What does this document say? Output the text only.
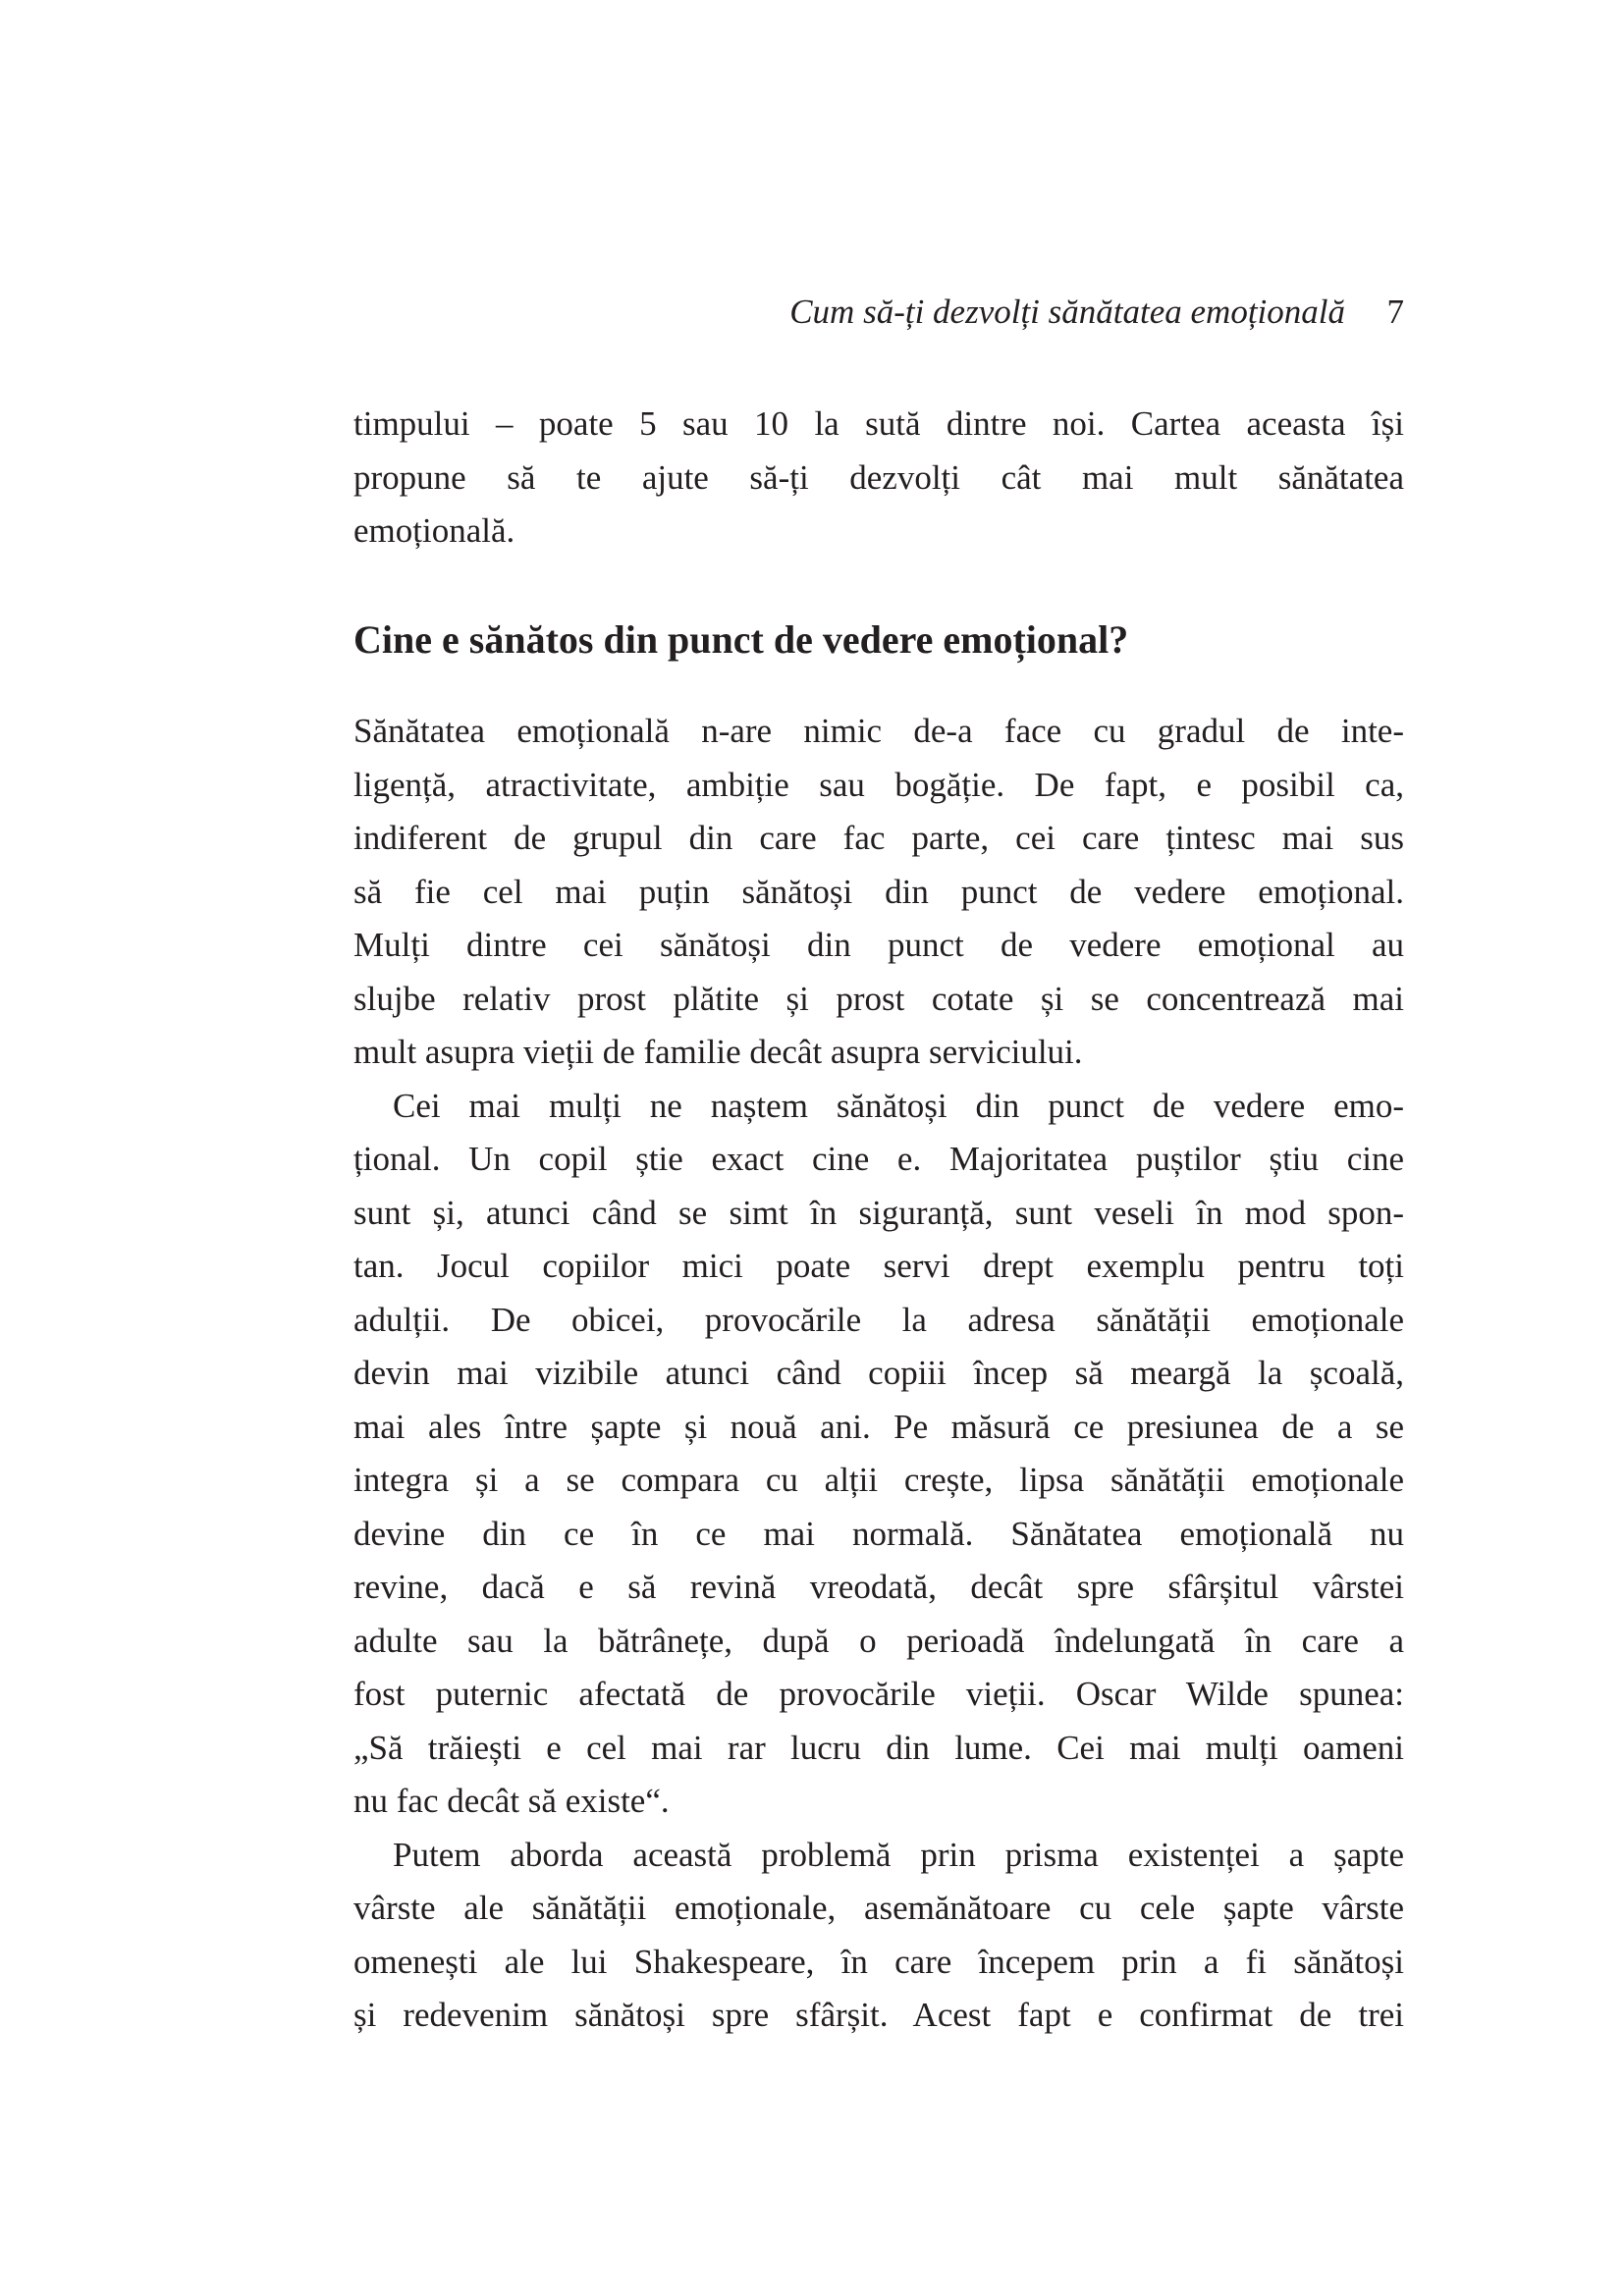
Cum să-ți dezvolți sănătatea emoțională 7
timpului – poate 5 sau 10 la sută dintre noi. Cartea aceasta își
propune să te ajute să-ți dezvolți cât mai mult sănătatea
emoțională.
Cine e sănătos din punct de vedere emoțional?
Sănătatea emoțională n-are nimic de-a face cu gradul de inte-
ligență, atractivitate, ambiție sau bogăție. De fapt, e posibil ca,
indiferent de grupul din care fac parte, cei care țintesc mai sus
să fie cel mai puțin sănătoși din punct de vedere emoțional.
Mulți dintre cei sănătoși din punct de vedere emoțional au
slujbe relativ prost plătite și prost cotate și se concentrează mai
mult asupra vieții de familie decât asupra serviciului.
Cei mai mulți ne naștem sănătoși din punct de vedere emo-
țional. Un copil știe exact cine e. Majoritatea puștilor știu cine
sunt și, atunci când se simt în siguranță, sunt veseli în mod spon-
tan. Jocul copiilor mici poate servi drept exemplu pentru toți
adulții. De obicei, provocările la adresa sănătății emoționale
devin mai vizibile atunci când copiii încep să meargă la școală,
mai ales între șapte și nouă ani. Pe măsură ce presiunea de a se
integra și a se compara cu alții crește, lipsa sănătății emoționale
devine din ce în ce mai normală. Sănătatea emoțională nu
revine, dacă e să revină vreodată, decât spre sfârșitul vârstei
adulte sau la bătrânețe, după o perioadă îndelungată în care a
fost puternic afectată de provocările vieții. Oscar Wilde spunea:
„Să trăiești e cel mai rar lucru din lume. Cei mai mulți oameni
nu fac decât să existe“.
Putem aborda această problemă prin prisma existenței a șapte
vârste ale sănătății emoționale, asemănătoare cu cele șapte vârste
omenești ale lui Shakespeare, în care începem prin a fi sănătoși
și redevenim sănătoși spre sfârșit. Acest fapt e confirmat de trei
